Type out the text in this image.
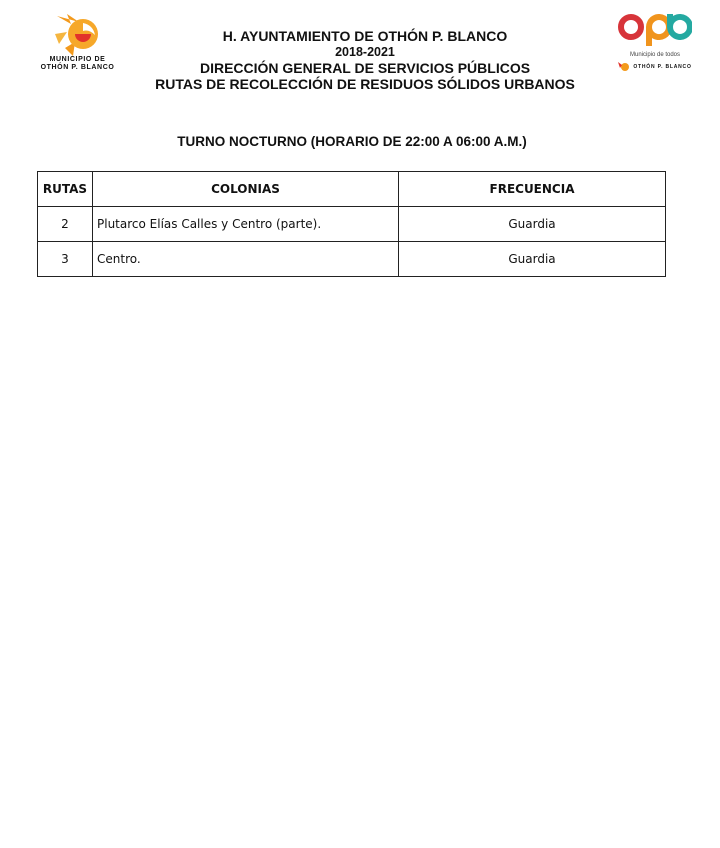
MUNICIPIO DE
OTHÓN P. BLANCO
H. AYUNTAMIENTO DE OTHÓN P. BLANCO
2018-2021
DIRECCIÓN GENERAL DE SERVICIOS PÚBLICOS
RUTAS DE RECOLECCIÓN DE RESIDUOS SÓLIDOS URBANOS
Municipio de todos
OTHÓN P. BLANCO
TURNO NOCTURNO (HORARIO DE 22:00 A 06:00 A.M.)
RUTAS	COLONIAS	FRECUENCIA
2	Plutarco Elías Calles y Centro (parte).	Guardia
3	Centro.	Guardia
